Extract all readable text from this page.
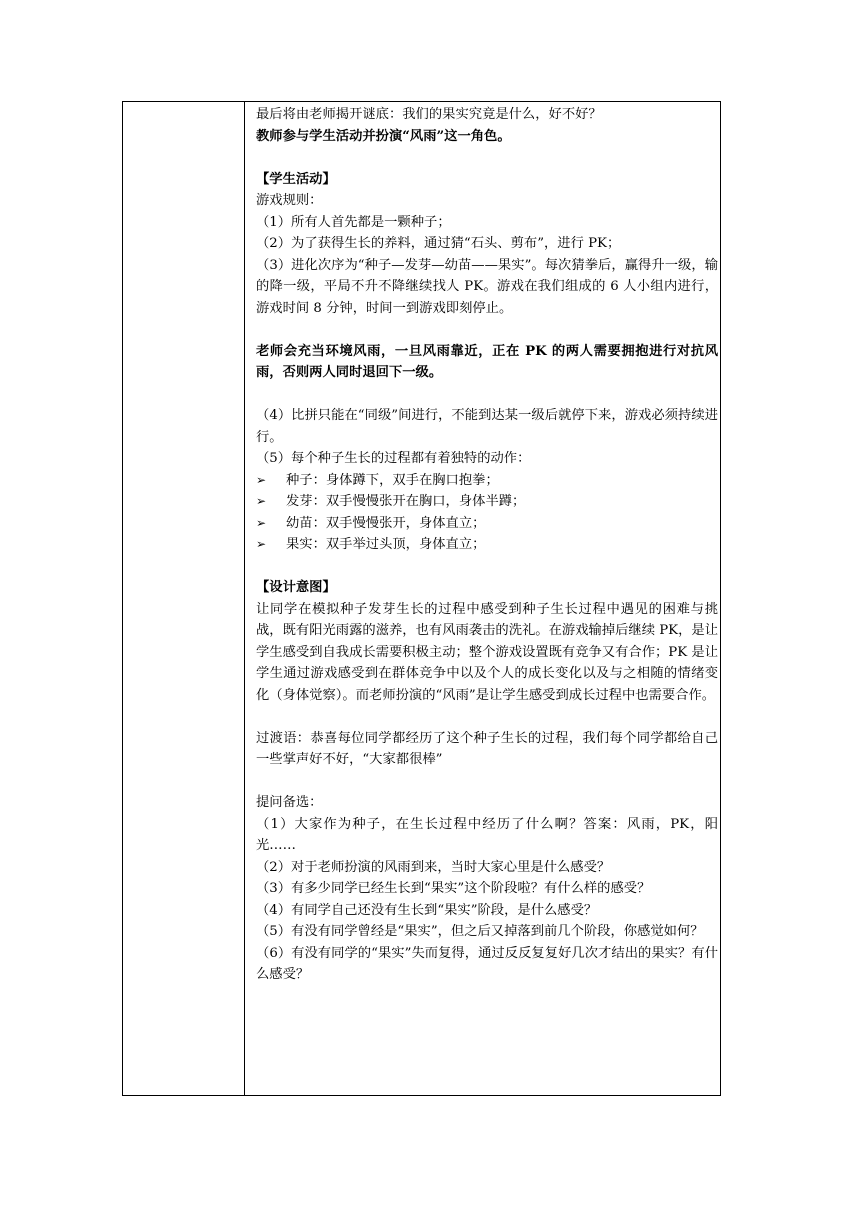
最后将由老师揭开谜底：我们的果实究竟是什么，好不好？

教师参与学生活动并扮演“风雨”这一角色。

【学生活动】

游戏规则：

（1）所有人首先都是一颗种子；

（2）为了获得生长的养料，通过猜“石头、剪布”，进行 PK；

（3）进化次序为“种子—发芽—幼苗——果实”。每次猜拳后，赢得升一级，输的降一级，平局不升不降继续找人 PK。游戏在我们组成的 6 人小组内进行，游戏时间 8 分钟，时间一到游戏即刻停止。

老师会充当环境风雨，一旦风雨靠近，正在 PK 的两人需要拥抱进行对抗风雨，否则两人同时退回下一级。

（4）比拼只能在“同级”间进行，不能到达某一级后就停下来，游戏必须持续进行。

（5）每个种子生长的过程都有着独特的动作：

➢ 种子：身体蹲下，双手在胸口抱拳；

➢ 发芽：双手慢慢张开在胸口，身体半蹲；

➢ 幼苗：双手慢慢张开，身体直立；

➢ 果实：双手举过头顶，身体直立；

【设计意图】

让同学在模拟种子发芽生长的过程中感受到种子生长过程中遇见的困难与挑战，既有阳光雨露的滋养，也有风雨袭击的洗礼。在游戏输掉后继续 PK，是让学生感受到自我成长需要积极主动；整个游戏设置既有竞争又有合作；PK 是让学生通过游戏感受到在群体竞争中以及个人的成长变化以及与之相随的情绪变化（身体觉察）。而老师扮演的“风雨”是让学生感受到成长过程中也需要合作。

过渡语：恭喜每位同学都经历了这个种子生长的过程，我们每个同学都给自己一些掌声好不好，“大家都很棒”

提问备选：

（1）大家作为种子，在生长过程中经历了什么啊？答案：风雨，PK，阳光……

（2）对于老师扮演的风雨到来，当时大家心里是什么感受？

（3）有多少同学已经生长到“果实”这个阶段啦？有什么样的感受？

（4）有同学自己还没有生长到“果实”阶段，是什么感受？

（5）有没有同学曾经是“果实”，但之后又掉落到前几个阶段，你感觉如何？

（6）有没有同学的“果实”失而复得，通过反反复复好几次才结出的果实？有什么感受？
